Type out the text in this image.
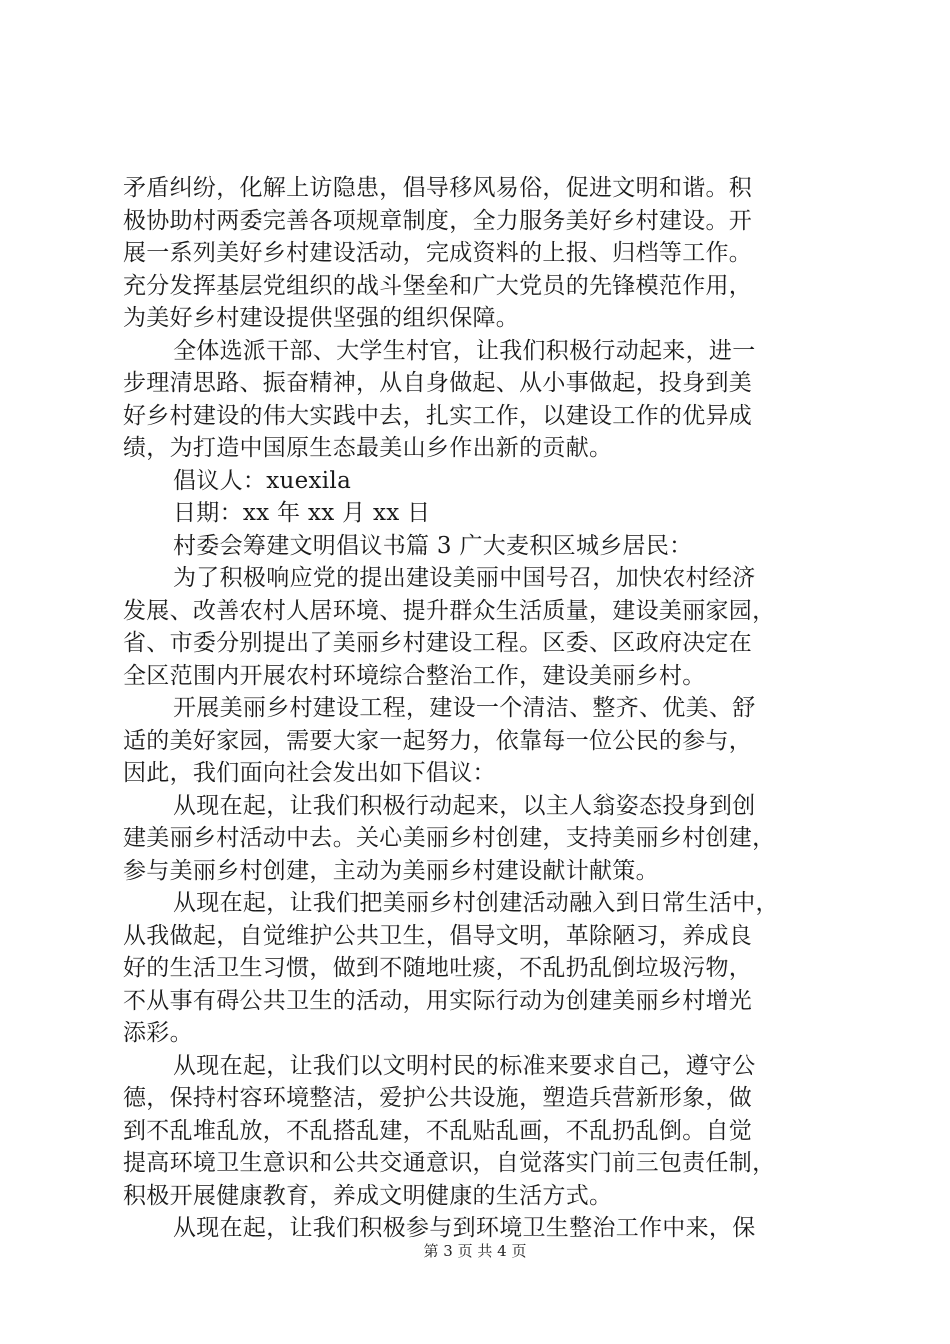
矛盾纠纷，化解上访隐患，倡导移风易俗，促进文明和谐。积
极协助村两委完善各项规章制度，全力服务美好乡村建设。开
展一系列美好乡村建设活动，完成资料的上报、归档等工作。
充分发挥基层党组织的战斗堡垒和广大党员的先锋模范作用，
为美好乡村建设提供坚强的组织保障。
全体选派干部、大学生村官，让我们积极行动起来，进一
步理清思路、振奋精神，从自身做起、从小事做起，投身到美
好乡村建设的伟大实践中去，扎实工作，以建设工作的优异成
绩，为打造中国原生态最美山乡作出新的贡献。
倡议人：xuexila
日期：xx 年 xx 月 xx 日
村委会筹建文明倡议书篇 3 广大麦积区城乡居民：
为了积极响应党的提出建设美丽中国号召，加快农村经济
发展、改善农村人居环境、提升群众生活质量，建设美丽家园，
省、市委分别提出了美丽乡村建设工程。区委、区政府决定在
全区范围内开展农村环境综合整治工作，建设美丽乡村。
开展美丽乡村建设工程，建设一个清洁、整齐、优美、舒
适的美好家园，需要大家一起努力，依靠每一位公民的参与，
因此，我们面向社会发出如下倡议：
从现在起，让我们积极行动起来，以主人翁姿态投身到创
建美丽乡村活动中去。关心美丽乡村创建，支持美丽乡村创建，
参与美丽乡村创建，主动为美丽乡村建设献计献策。
从现在起，让我们把美丽乡村创建活动融入到日常生活中，
从我做起，自觉维护公共卫生，倡导文明，革除陋习，养成良
好的生活卫生习惯，做到不随地吐痰，不乱扔乱倒垃圾污物，
不从事有碍公共卫生的活动，用实际行动为创建美丽乡村增光
添彩。
从现在起，让我们以文明村民的标准来要求自己，遵守公
德，保持村容环境整洁，爱护公共设施，塑造兵营新形象，做
到不乱堆乱放，不乱搭乱建，不乱贴乱画，不乱扔乱倒。自觉
提高环境卫生意识和公共交通意识，自觉落实门前三包责任制，
积极开展健康教育，养成文明健康的生活方式。
从现在起，让我们积极参与到环境卫生整治工作中来，保
第 3 页 共 4 页
